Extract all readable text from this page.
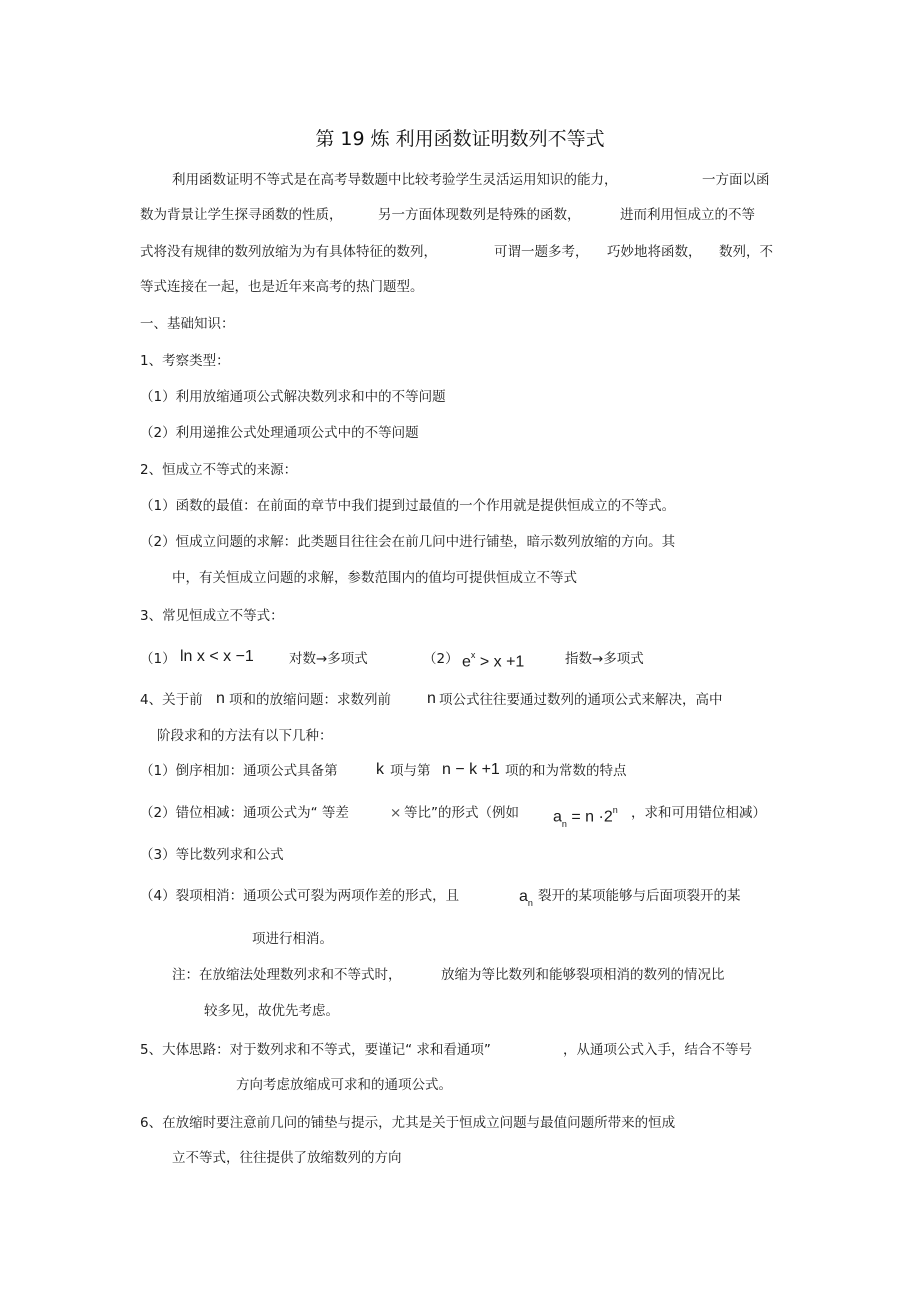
第 19 炼 利用函数证明数列不等式
利用函数证明不等式是在高考导数题中比较考验学生灵活运用知识的能力，	一方面以函
数为背景让学生探寻函数的性质，	另一方面体现数列是特殊的函数，	进而利用恒成立的不等
式将没有规律的数列放缩为为有具体特征的数列，	可谓一题多考， 巧妙地将函数， 数列，不
等式连接在一起，也是近年来高考的热门题型。
一、基础知识：
1、考察类型：
（1）利用放缩通项公式解决数列求和中的不等问题
（2）利用递推公式处理通项公式中的不等问题
2、恒成立不等式的来源：
（1）函数的最值：在前面的章节中我们提到过最值的一个作用就是提供恒成立的不等式。
（2）恒成立问题的求解：此类题目往往会在前几问中进行铺垫，暗示数列放缩的方向。其
中，有关恒成立问题的求解，参数范围内的值均可提供恒成立不等式
3、常见恒成立不等式：
（1） ln x < x −1	对数→多项式	（2） $e^x > x +1$	指数→多项式
4、关于前 n 项和的放缩问题：求数列前 n 项公式往往要通过数列的通项公式来解决，高中
阶段求和的方法有以下几种：
（1）倒序相加：通项公式具备第 k 项与第 n − k +1 项的和为常数的特点
（2）错位相减：通项公式为“ 等差	× 等比”的形式（例如 $a_n = n \cdot 2^n$ ，求和可用错位相减）
（3）等比数列求和公式
（4）裂项相消：通项公式可裂为两项作差的形式，且	$a_n$ 裂开的某项能够与后面项裂开的某
项进行相消。
注：在放缩法处理数列求和不等式时，	放缩为等比数列和能够裂项相消的数列的情况比
较多见，故优先考虑。
5、大体思路：对于数列求和不等式，要谨记“ 求和看通项”	，从通项公式入手，结合不等号
方向考虑放缩成可求和的通项公式。
6、在放缩时要注意前几问的铺垫与提示，尤其是关于恒成立问题与最值问题所带来的恒成
立不等式，往往提供了放缩数列的方向
